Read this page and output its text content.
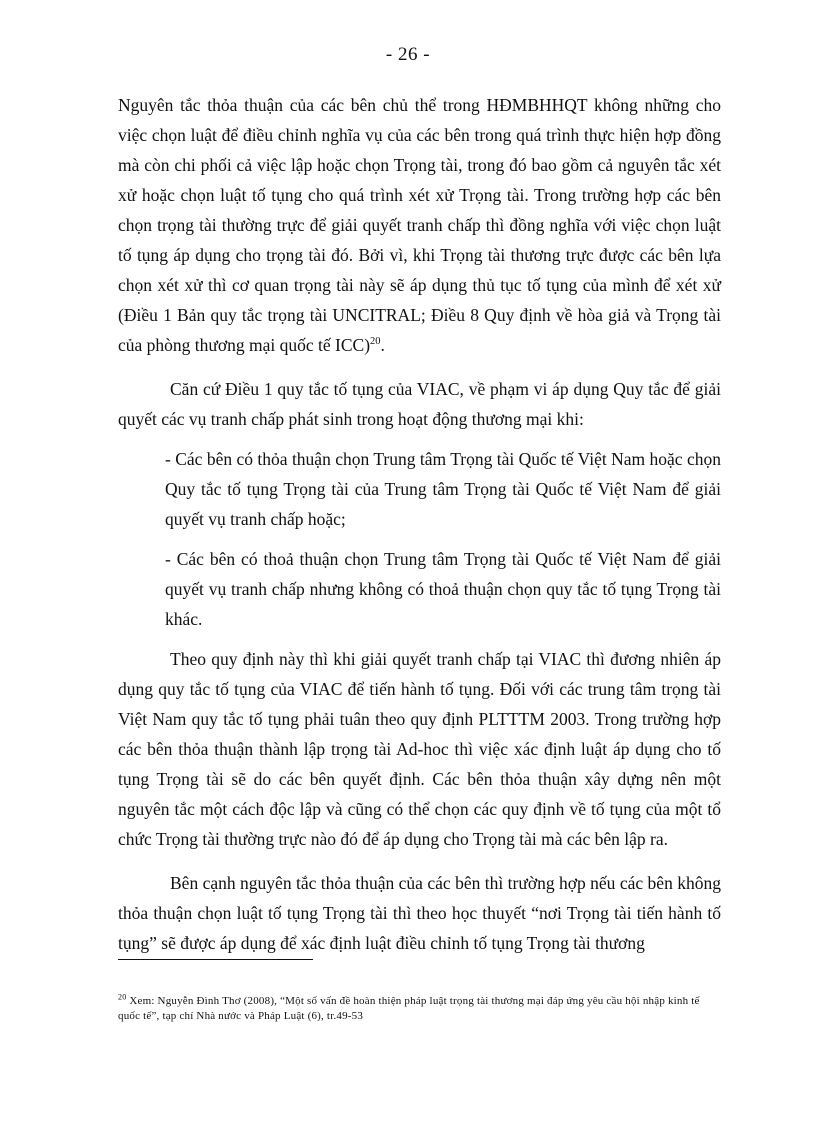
- 26 -

Nguyên tắc thỏa thuận của các bên chủ thể trong HĐMBHHQT không những cho việc chọn luật để điều chỉnh nghĩa vụ của các bên trong quá trình thực hiện hợp đồng mà còn chi phối cả việc lập hoặc chọn Trọng tài, trong đó bao gồm cả nguyên tắc xét xử hoặc chọn luật tố tụng cho quá trình xét xử Trọng tài. Trong trường hợp các bên chọn trọng tài thường trực để giải quyết tranh chấp thì đồng nghĩa với việc chọn luật tố tụng áp dụng cho trọng tài đó. Bởi vì, khi Trọng tài thương trực được các bên lựa chọn xét xử thì cơ quan trọng tài này sẽ áp dụng thủ tục tố tụng của mình để xét xử (Điều 1 Bản quy tắc trọng tài UNCITRAL; Điều 8 Quy định về hòa giả và Trọng tài của phòng thương mại quốc tế ICC)$^{20}$.

Căn cứ Điều 1 quy tắc tố tụng của VIAC, về phạm vi áp dụng Quy tắc để giải quyết các vụ tranh chấp phát sinh trong hoạt động thương mại khi:

- Các bên có thỏa thuận chọn Trung tâm Trọng tài Quốc tế Việt Nam hoặc chọn Quy tắc tố tụng Trọng tài của Trung tâm Trọng tài Quốc tế Việt Nam để giải quyết vụ tranh chấp hoặc;

- Các bên có thoả thuận chọn Trung tâm Trọng tài Quốc tế Việt Nam để giải quyết vụ tranh chấp nhưng không có thoả thuận chọn quy tắc tố tụng Trọng tài khác.

Theo quy định này thì khi giải quyết tranh chấp tại VIAC thì đương nhiên áp dụng quy tắc tố tụng của VIAC để tiến hành tố tụng. Đối với các trung tâm trọng tài Việt Nam quy tắc tố tụng phải tuân theo quy định PLTTTM 2003. Trong trường hợp các bên thỏa thuận thành lập trọng tài Ad-hoc thì việc xác định luật áp dụng cho tố tụng Trọng tài sẽ do các bên quyết định. Các bên thỏa thuận xây dựng nên một nguyên tắc một cách độc lập và cũng có thể chọn các quy định về tố tụng của một tổ chức Trọng tài thường trực nào đó để áp dụng cho Trọng tài mà các bên lập ra.

Bên cạnh nguyên tắc thỏa thuận của các bên thì trường hợp nếu các bên không thỏa thuận chọn luật tố tụng Trọng tài thì theo học thuyết “nơi Trọng tài tiến hành tố tụng” sẽ được áp dụng để xác định luật điều chỉnh tố tụng Trọng tài thương

$^{20}$ Xem: Nguyễn Đình Thơ (2008), “Một số vấn đề hoàn thiện pháp luật trọng tài thương mại đáp ứng yêu cầu hội nhập kinh tế quốc tế”, tạp chí Nhà nước và Pháp Luật (6), tr.49-53
